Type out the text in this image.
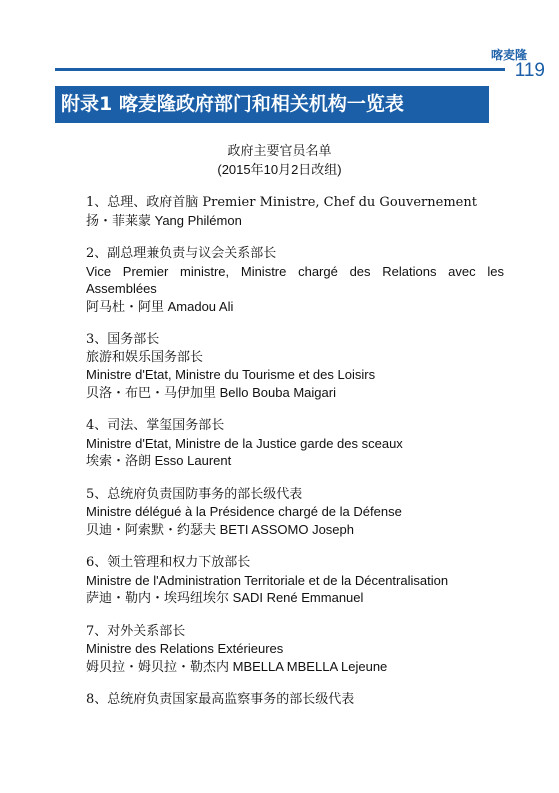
喀麦隆
119
附录1 喀麦隆政府部门和相关机构一览表
政府主要官员名单
(2015年10月2日改组)
1、总理、政府首脑 Premier Ministre, Chef du Gouvernement
扬・菲莱蒙 Yang Philémon
2、副总理兼负责与议会关系部长
Vice Premier ministre, Ministre chargé des Relations avec les Assemblées
阿马杜・阿里 Amadou Ali
3、国务部长
旅游和娱乐国务部长
Ministre d'Etat, Ministre du Tourisme et des Loisirs
贝洛・布巴・马伊加里 Bello Bouba Maigari
4、司法、掌玺国务部长
Ministre d'Etat, Ministre de la Justice garde des sceaux
埃索・洛朗 Esso Laurent
5、总统府负责国防事务的部长级代表
Ministre délégué à la Présidence chargé de la Défense
贝迪・阿索默・约瑟夫 BETI ASSOMO Joseph
6、领土管理和权力下放部长
Ministre de l'Administration Territoriale et de la Décentralisation
萨迪・勒内・埃玛纽埃尔 SADI René Emmanuel
7、对外关系部长
Ministre des Relations Extérieures
姆贝拉・姆贝拉・勒杰内 MBELLA MBELLA Lejeune
8、总统府负责国家最高监察事务的部长级代表
